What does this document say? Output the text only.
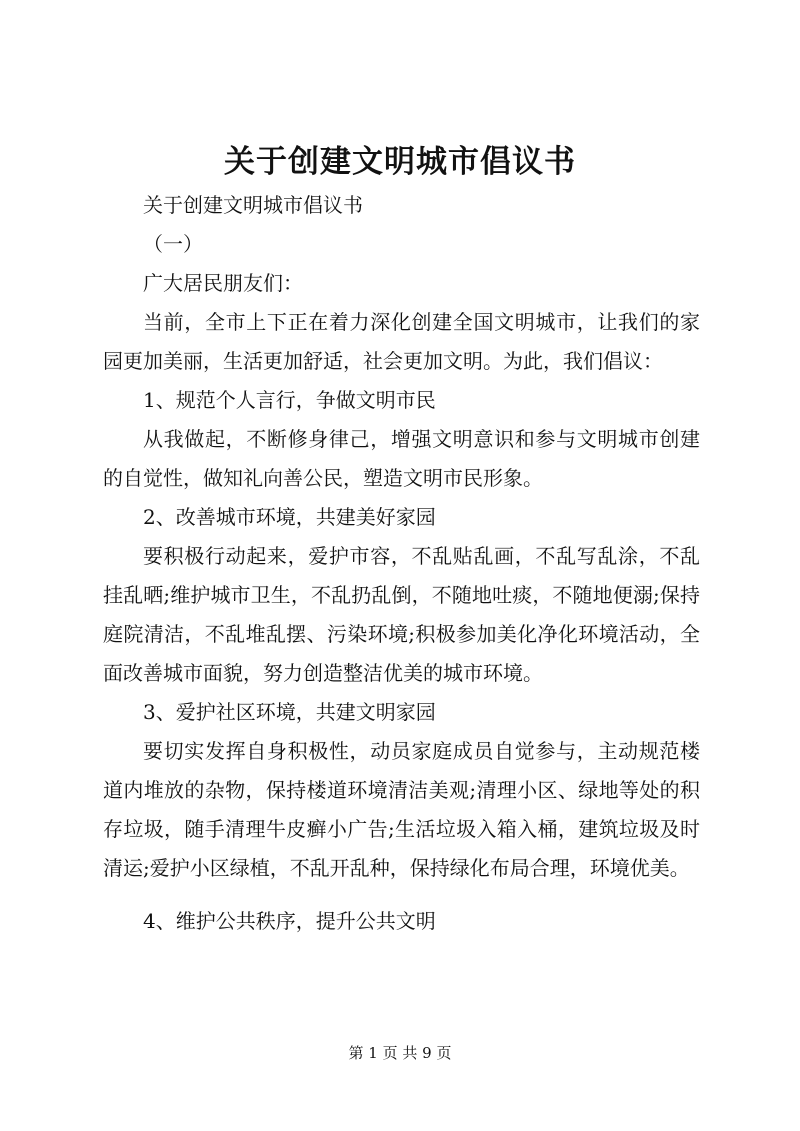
关于创建文明城市倡议书

关于创建文明城市倡议书

（一）

广大居民朋友们：

当前，全市上下正在着力深化创建全国文明城市，让我们的家园更加美丽，生活更加舒适，社会更加文明。为此，我们倡议：

1、规范个人言行，争做文明市民

从我做起，不断修身律己，增强文明意识和参与文明城市创建的自觉性，做知礼向善公民，塑造文明市民形象。

2、改善城市环境，共建美好家园

要积极行动起来，爱护市容，不乱贴乱画，不乱写乱涂，不乱挂乱晒;维护城市卫生，不乱扔乱倒，不随地吐痰，不随地便溺;保持庭院清洁，不乱堆乱摆、污染环境;积极参加美化净化环境活动，全面改善城市面貌，努力创造整洁优美的城市环境。

3、爱护社区环境，共建文明家园

要切实发挥自身积极性，动员家庭成员自觉参与，主动规范楼道内堆放的杂物，保持楼道环境清洁美观;清理小区、绿地等处的积存垃圾，随手清理牛皮癣小广告;生活垃圾入箱入桶，建筑垃圾及时清运;爱护小区绿植，不乱开乱种，保持绿化布局合理，环境优美。

4、维护公共秩序，提升公共文明

第 1 页 共 9 页
